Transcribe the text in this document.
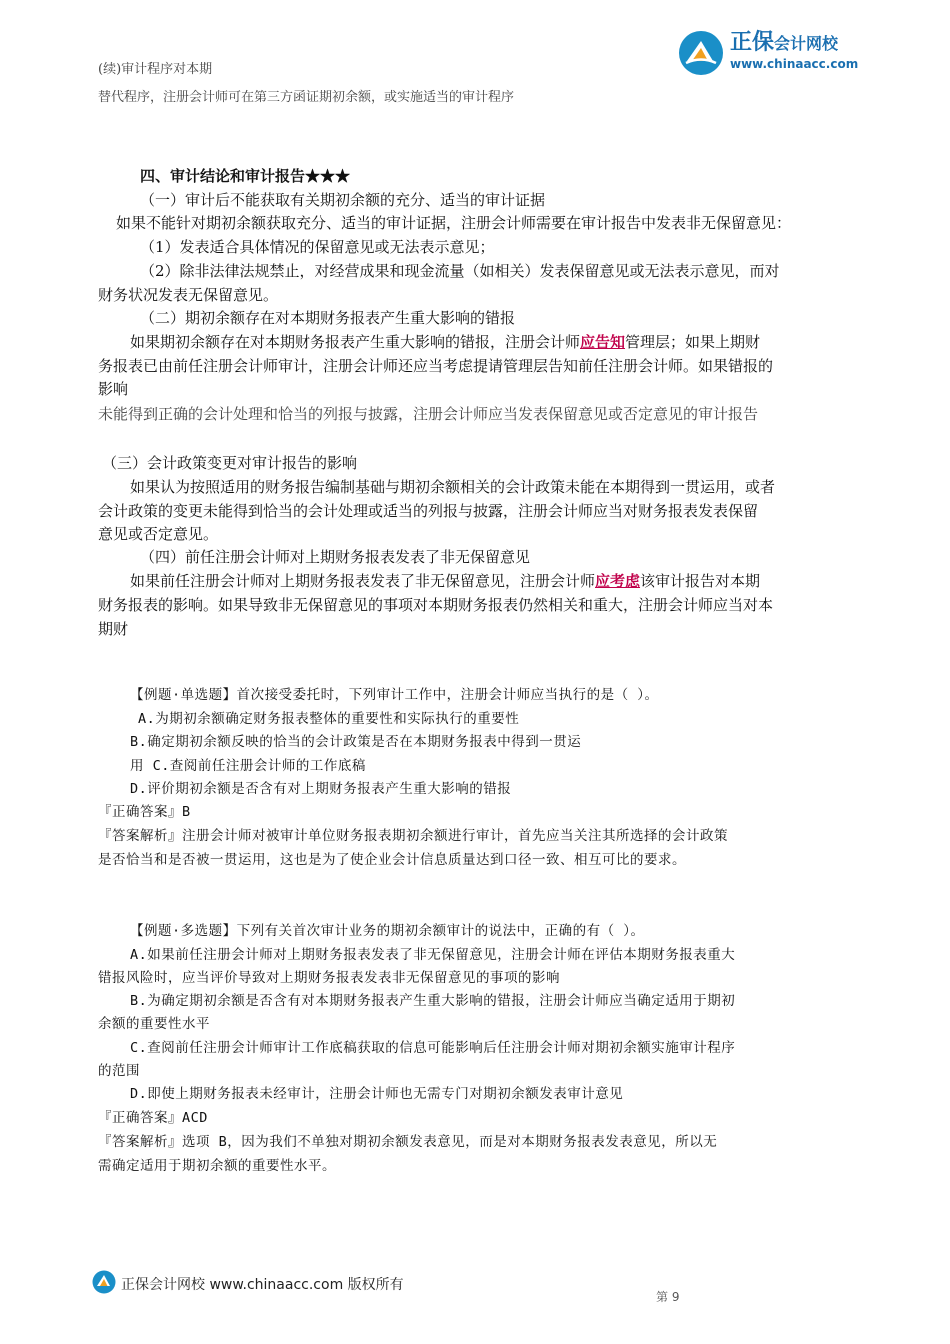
(续)审计程序对本期
替代程序，注册会计师可在第三方函证期初余额，或实施适当的审计程序
正保会计网校
www.chinaacc.com
四、审计结论和审计报告★★★
（一）审计后不能获取有关期初余额的充分、适当的审计证据
如果不能针对期初余额获取充分、适当的审计证据，注册会计师需要在审计报告中发表非无保留意见：
（1）发表适合具体情况的保留意见或无法表示意见；
（2）除非法律法规禁止，对经营成果和现金流量（如相关）发表保留意见或无法表示意见，而对
财务状况发表无保留意见。
（二）期初余额存在对本期财务报表产生重大影响的错报
如果期初余额存在对本期财务报表产生重大影响的错报，注册会计师应告知管理层；如果上期财
务报表已由前任注册会计师审计，注册会计师还应当考虑提请管理层告知前任注册会计师。如果错报的
影响
未能得到正确的会计处理和恰当的列报与披露，注册会计师应当发表保留意见或否定意见的审计报告
（三）会计政策变更对审计报告的影响
如果认为按照适用的财务报告编制基础与期初余额相关的会计政策未能在本期得到一贯运用，或者
会计政策的变更未能得到恰当的会计处理或适当的列报与披露，注册会计师应当对财务报表发表保留
意见或否定意见。
（四）前任注册会计师对上期财务报表发表了非无保留意见
如果前任注册会计师对上期财务报表发表了非无保留意见，注册会计师应考虑该审计报告对本期
财务报表的影响。如果导致非无保留意见的事项对本期财务报表仍然相关和重大，注册会计师应当对本
期财
【例题·单选题】首次接受委托时，下列审计工作中，注册会计师应当执行的是（ ）。
A.为期初余额确定财务报表整体的重要性和实际执行的重要性
B.确定期初余额反映的恰当的会计政策是否在本期财务报表中得到一贯运
用 C.查阅前任注册会计师的工作底稿
D.评价期初余额是否含有对上期财务报表产生重大影响的错报
『正确答案』B
『答案解析』注册会计师对被审计单位财务报表期初余额进行审计，首先应当关注其所选择的会计政策
是否恰当和是否被一贯运用，这也是为了使企业会计信息质量达到口径一致、相互可比的要求。
【例题·多选题】下列有关首次审计业务的期初余额审计的说法中，正确的有（ ）。
A.如果前任注册会计师对上期财务报表发表了非无保留意见，注册会计师在评估本期财务报表重大
错报风险时，应当评价导致对上期财务报表发表非无保留意见的事项的影响
B.为确定期初余额是否含有对本期财务报表产生重大影响的错报，注册会计师应当确定适用于期初
余额的重要性水平
C.查阅前任注册会计师审计工作底稿获取的信息可能影响后任注册会计师对期初余额实施审计程序
的范围
D.即使上期财务报表未经审计，注册会计师也无需专门对期初余额发表审计意见
『正确答案』ACD
『答案解析』选项 B，因为我们不单独对期初余额发表意见，而是对本期财务报表发表意见，所以无
需确定适用于期初余额的重要性水平。
正保会计网校 www.chinaacc.com 版权所有
第 9
